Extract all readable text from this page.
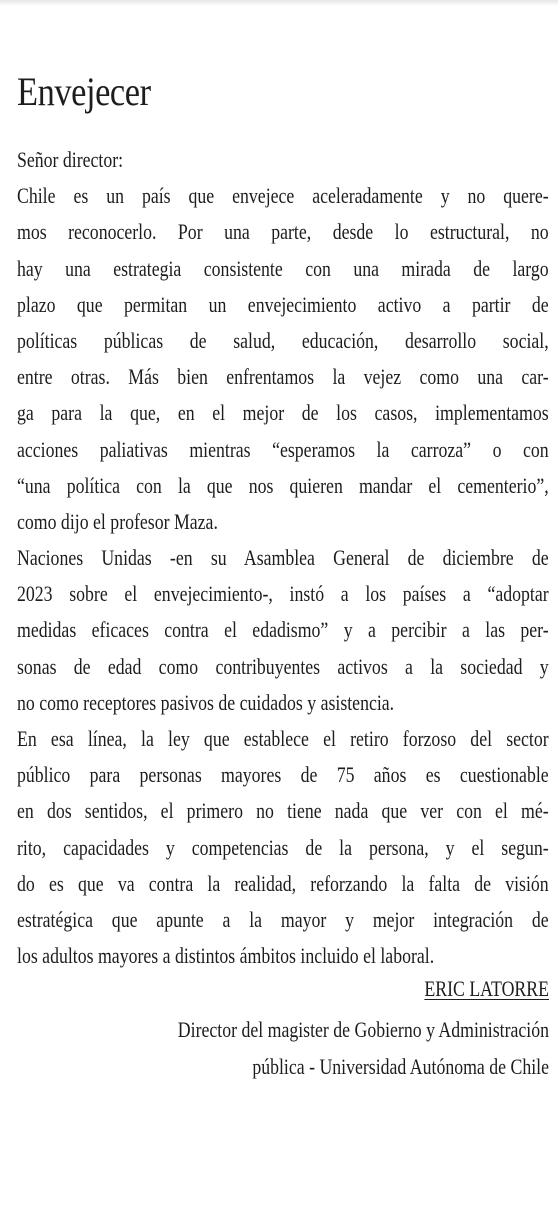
Envejecer
Señor director:
Chile es un país que envejece aceleradamente y no quere-
mos reconocerlo. Por una parte, desde lo estructural, no
hay una estrategia consistente con una mirada de largo
plazo que permitan un envejecimiento activo a partir de
políticas públicas de salud, educación, desarrollo social,
entre otras. Más bien enfrentamos la vejez como una car-
ga para la que, en el mejor de los casos, implementamos
acciones paliativas mientras “esperamos la carroza” o con
“una política con la que nos quieren mandar el cementerio”,
como dijo el profesor Maza.
Naciones Unidas -en su Asamblea General de diciembre de
2023 sobre el envejecimiento-, instó a los países a “adoptar
medidas eficaces contra el edadismo” y a percibir a las per-
sonas de edad como contribuyentes activos a la sociedad y
no como receptores pasivos de cuidados y asistencia.
En esa línea, la ley que establece el retiro forzoso del sector
público para personas mayores de 75 años es cuestionable
en dos sentidos, el primero no tiene nada que ver con el mé-
rito, capacidades y competencias de la persona, y el segun-
do es que va contra la realidad, reforzando la falta de visión
estratégica que apunte a la mayor y mejor integración de
los adultos mayores a distintos ámbitos incluido el laboral.
ERIC LATORRE
Director del magister de Gobierno y Administración
pública - Universidad Autónoma de Chile
